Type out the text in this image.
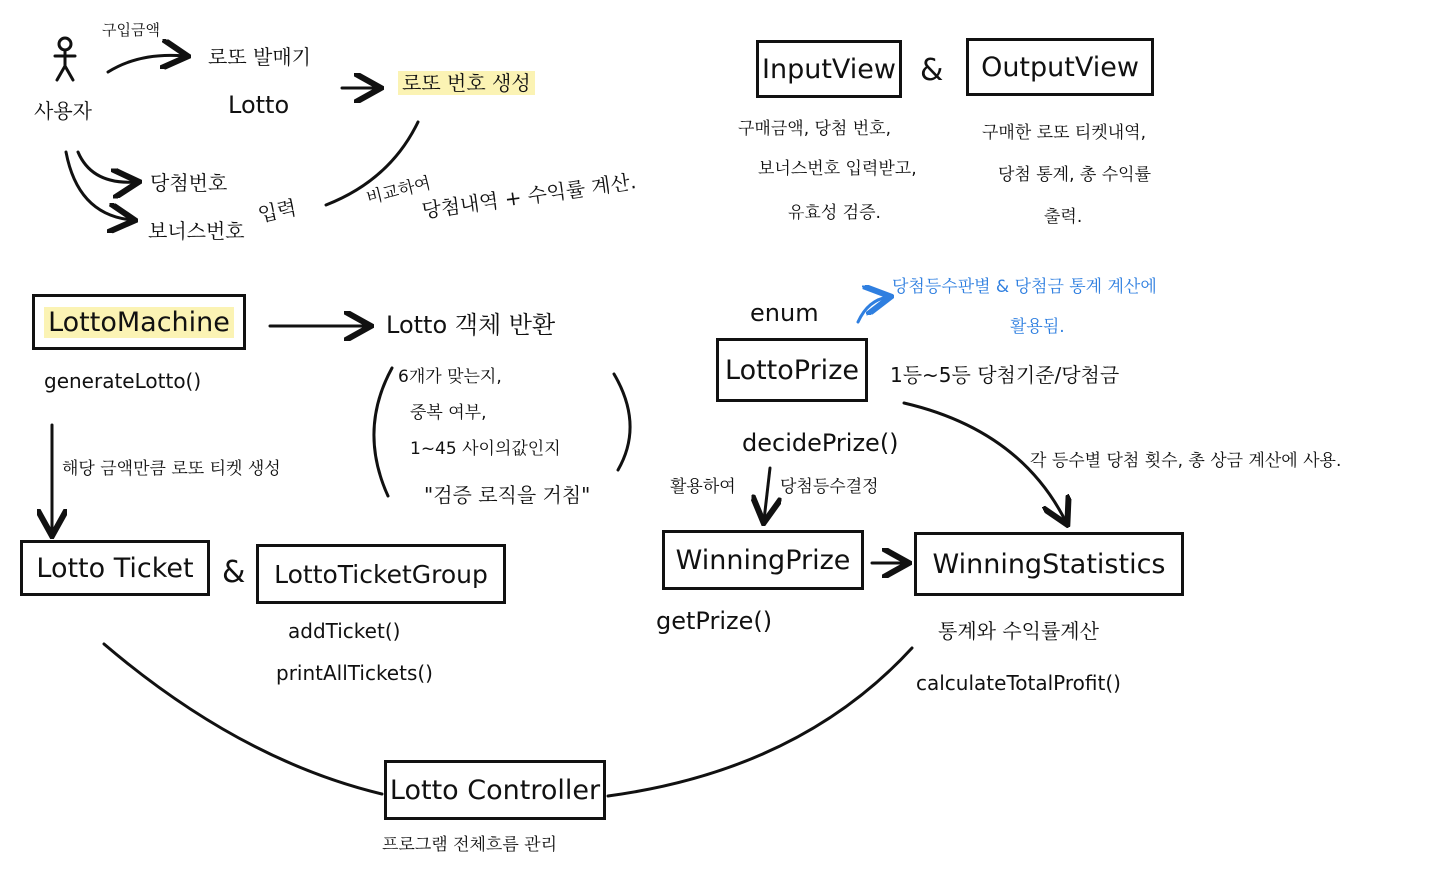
사용자
구입금액
로또 발매기
Lotto
로또 번호 생성
당첨번호
보너스번호
입력
비교하여
당첨내역 + 수익률 계산.
InputView &	OutputView
구매금액, 당첨 번호,
보너스번호 입력받고,
유효성 검증.
구매한 로또 티켓내역,
당첨 통계, 총 수익률
출력.
LottoMachine
generateLotto()
Lotto 객체 반환
6개가 맞는지,
중복 여부,
1~45 사이의값인지
"검증 로직을 거침"
해당 금액만큼 로또 티켓 생성
Lotto Ticket &	LottoTicketGroup
addTicket()
printAllTickets()
enum
LottoPrize
당첨등수판별 & 당첨금 통계 계산에
활용됨.
1등~5등 당첨기준/당첨금
decidePrize()
활용하여	당첨등수결정
각 등수별 당첨 횟수, 총 상금 계산에 사용.
WinningPrize
getPrize()
WinningStatistics
통계와 수익률계산
calculateTotalProfit()
Lotto Controller
프로그램 전체흐름 관리
